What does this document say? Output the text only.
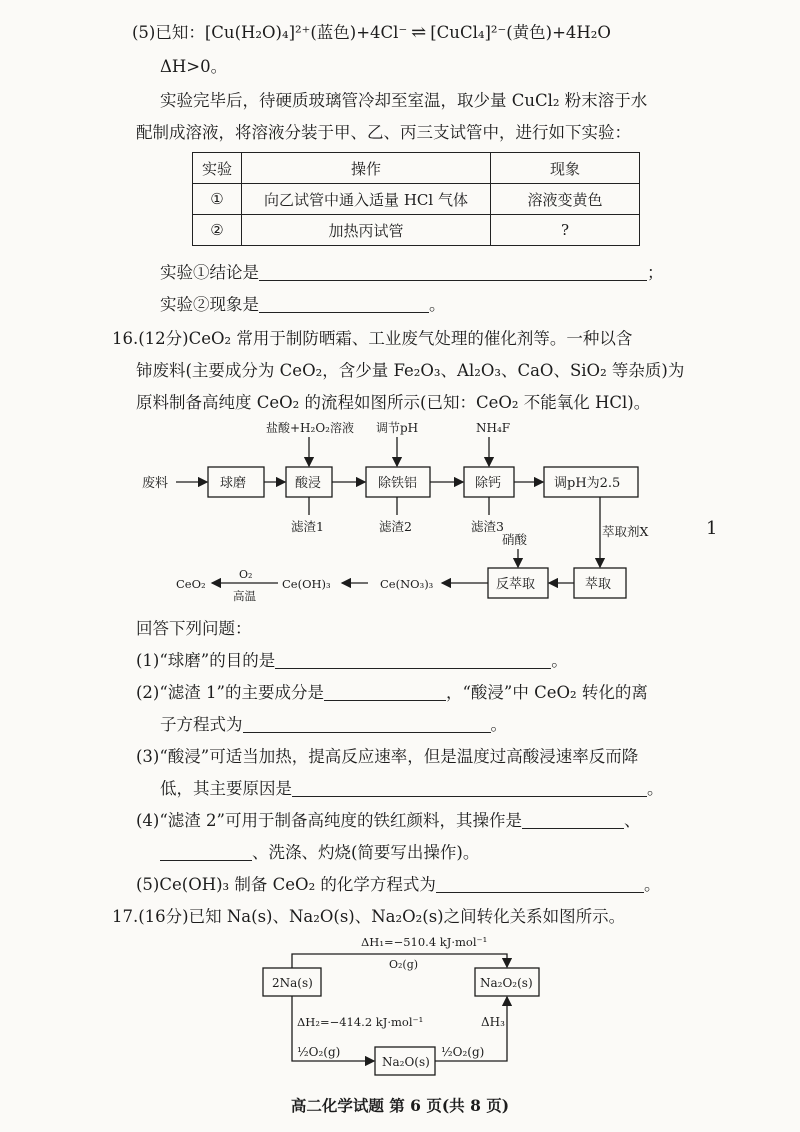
(5)已知：[Cu(H₂O)₄]²⁺(蓝色)+4Cl⁻ ⇌ [CuCl₄]²⁻(黄色)+4H₂O
ΔH>0。
实验完毕后，待硬质玻璃管冷却至室温，取少量 CuCl₂ 粉末溶于水
配制成溶液，将溶液分装于甲、乙、丙三支试管中，进行如下实验：
实验	操作	现象
①	向乙试管中通入适量 HCl 气体	溶液变黄色
②	加热丙试管	?
实验①结论是	；
实验②现象是	。
16.(12分)CeO₂ 常用于制防晒霜、工业废气处理的催化剂等。一种以含
铈废料(主要成分为 CeO₂，含少量 Fe₂O₃、Al₂O₃、CaO、SiO₂ 等杂质)为
原料制备高纯度 CeO₂ 的流程如图所示(已知：CeO₂ 不能氧化 HCl)。
盐酸+H₂O₂溶液 调节pH	NH₄F
废料	球磨	酸浸	除铁铝	除钙	调pH为2.5
滤渣1	滤渣2	滤渣3
硝酸
萃取剂X
萃取
反萃取
Ce(NO₃)₃
Ce(OH)₃
CeO₂
O₂
高温
1
回答下列问题：
(1)“球磨”的目的是	。
(2)“滤渣 1”的主要成分是	，“酸浸”中 CeO₂ 转化的离
子方程式为	。
(3)“酸浸”可适当加热，提高反应速率，但是温度过高酸浸速率反而降
低，其主要原因是	。
(4)“滤渣 2”可用于制备高纯度的铁红颜料，其操作是	、
、洗涤、灼烧(简要写出操作)。
(5)Ce(OH)₃ 制备 CeO₂ 的化学方程式为	。
17.(16分)已知 Na(s)、Na₂O(s)、Na₂O₂(s)之间转化关系如图所示。
ΔH₁=−510.4 kJ·mol⁻¹
O₂(g)
2Na(s)	Na₂O₂(s)
ΔH₂=−414.2 kJ·mol⁻¹	ΔH₃
½O₂(g)	½O₂(g)
Na₂O(s)
高二化学试题 第 6 页(共 8 页)
